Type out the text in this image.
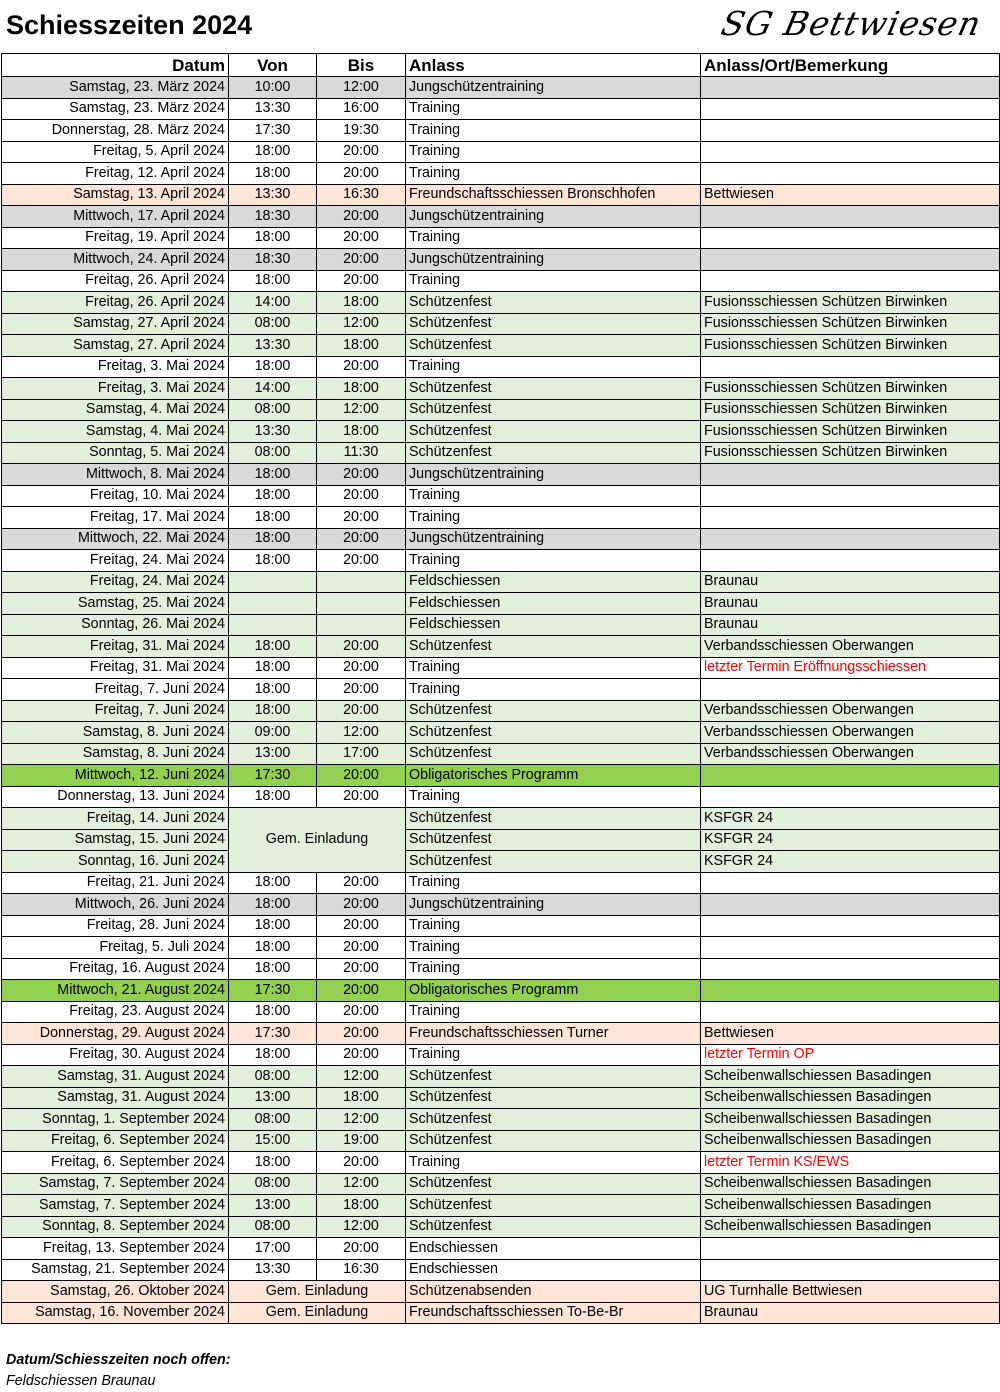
Schiesszeiten 2024	SG Bettwiesen
Datum	Von	Bis	Anlass	Anlass/Ort/Bemerkung
Samstag, 23. März 2024	10:00	12:00	Jungschützentraining	
Samstag, 23. März 2024	13:30	16:00	Training	
Donnerstag, 28. März 2024	17:30	19:30	Training	
Freitag, 5. April 2024	18:00	20:00	Training	
Freitag, 12. April 2024	18:00	20:00	Training	
Samstag, 13. April 2024	13:30	16:30	Freundschaftsschiessen Bronschhofen	Bettwiesen
Mittwoch, 17. April 2024	18:30	20:00	Jungschützentraining	
Freitag, 19. April 2024	18:00	20:00	Training	
Mittwoch, 24. April 2024	18:30	20:00	Jungschützentraining	
Freitag, 26. April 2024	18:00	20:00	Training	
Freitag, 26. April 2024	14:00	18:00	Schützenfest	Fusionsschiessen Schützen Birwinken
Samstag, 27. April 2024	08:00	12:00	Schützenfest	Fusionsschiessen Schützen Birwinken
Samstag, 27. April 2024	13:30	18:00	Schützenfest	Fusionsschiessen Schützen Birwinken
Freitag, 3. Mai 2024	18:00	20:00	Training	
Freitag, 3. Mai 2024	14:00	18:00	Schützenfest	Fusionsschiessen Schützen Birwinken
Samstag, 4. Mai 2024	08:00	12:00	Schützenfest	Fusionsschiessen Schützen Birwinken
Samstag, 4. Mai 2024	13:30	18:00	Schützenfest	Fusionsschiessen Schützen Birwinken
Sonntag, 5. Mai 2024	08:00	11:30	Schützenfest	Fusionsschiessen Schützen Birwinken
Mittwoch, 8. Mai 2024	18:00	20:00	Jungschützentraining	
Freitag, 10. Mai 2024	18:00	20:00	Training	
Freitag, 17. Mai 2024	18:00	20:00	Training	
Mittwoch, 22. Mai 2024	18:00	20:00	Jungschützentraining	
Freitag, 24. Mai 2024	18:00	20:00	Training	
Freitag, 24. Mai 2024			Feldschiessen	Braunau
Samstag, 25. Mai 2024			Feldschiessen	Braunau
Sonntag, 26. Mai 2024			Feldschiessen	Braunau
Freitag, 31. Mai 2024	18:00	20:00	Schützenfest	Verbandsschiessen Oberwangen
Freitag, 31. Mai 2024	18:00	20:00	Training	letzter Termin Eröffnungsschiessen
Freitag, 7. Juni 2024	18:00	20:00	Training	
Freitag, 7. Juni 2024	18:00	20:00	Schützenfest	Verbandsschiessen Oberwangen
Samstag, 8. Juni 2024	09:00	12:00	Schützenfest	Verbandsschiessen Oberwangen
Samstag, 8. Juni 2024	13:00	17:00	Schützenfest	Verbandsschiessen Oberwangen
Mittwoch, 12. Juni 2024	17:30	20:00	Obligatorisches Programm	
Donnerstag, 13. Juni 2024	18:00	20:00	Training	
Freitag, 14. Juni 2024	Gem. Einladung		Schützenfest	KSFGR 24
Samstag, 15. Juni 2024			Schützenfest	KSFGR 24
Sonntag, 16. Juni 2024			Schützenfest	KSFGR 24
Freitag, 21. Juni 2024	18:00	20:00	Training	
Mittwoch, 26. Juni 2024	18:00	20:00	Jungschützentraining	
Freitag, 28. Juni 2024	18:00	20:00	Training	
Freitag, 5. Juli 2024	18:00	20:00	Training	
Freitag, 16. August 2024	18:00	20:00	Training	
Mittwoch, 21. August 2024	17:30	20:00	Obligatorisches Programm	
Freitag, 23. August 2024	18:00	20:00	Training	
Donnerstag, 29. August 2024	17:30	20:00	Freundschaftsschiessen Turner	Bettwiesen
Freitag, 30. August 2024	18:00	20:00	Training	letzter Termin OP
Samstag, 31. August 2024	08:00	12:00	Schützenfest	Scheibenwallschiessen Basadingen
Samstag, 31. August 2024	13:00	18:00	Schützenfest	Scheibenwallschiessen Basadingen
Sonntag, 1. September 2024	08:00	12:00	Schützenfest	Scheibenwallschiessen Basadingen
Freitag, 6. September 2024	15:00	19:00	Schützenfest	Scheibenwallschiessen Basadingen
Freitag, 6. September 2024	18:00	20:00	Training	letzter Termin KS/EWS
Samstag, 7. September 2024	08:00	12:00	Schützenfest	Scheibenwallschiessen Basadingen
Samstag, 7. September 2024	13:00	18:00	Schützenfest	Scheibenwallschiessen Basadingen
Sonntag, 8. September 2024	08:00	12:00	Schützenfest	Scheibenwallschiessen Basadingen
Freitag, 13. September 2024	17:00	20:00	Endschiessen	
Samstag, 21. September 2024	13:30	16:30	Endschiessen	
Samstag, 26. Oktober 2024	Gem. Einladung		Schützenabsenden	UG Turnhalle Bettwiesen
Samstag, 16. November 2024	Gem. Einladung		Freundschaftsschiessen To-Be-Br	Braunau
Datum/Schiesszeiten noch offen:
Feldschiessen Braunau
